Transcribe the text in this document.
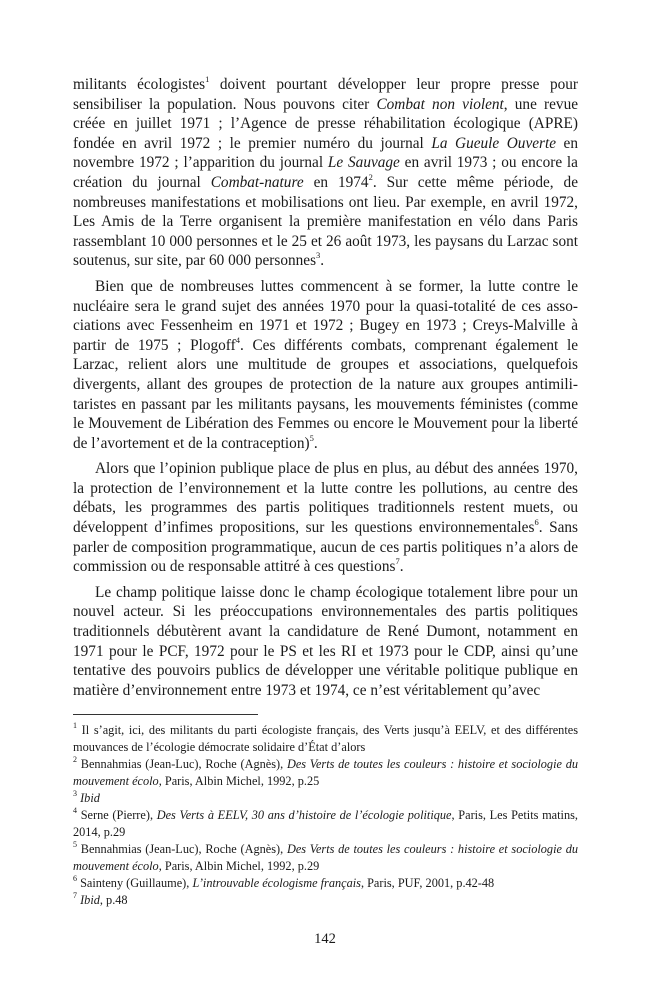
militants écologistes$^1$ doivent pourtant développer leur propre presse pour sensibiliser la population. Nous pouvons citer Combat non violent, une revue créée en juillet 1971 ; l’Agence de presse réhabilitation écologique (APRE) fondée en avril 1972 ; le premier numéro du journal La Gueule Ouverte en novembre 1972 ; l’apparition du journal Le Sauvage en avril 1973 ; ou encore la création du journal Combat-nature en 1974$^2$. Sur cette même période, de nombreuses manifestations et mobilisations ont lieu. Par exemple, en avril 1972, Les Amis de la Terre organisent la première manifestation en vélo dans Paris rassemblant 10 000 personnes et le 25 et 26 août 1973, les paysans du Larzac sont soutenus, sur site, par 60 000 personnes$^3$.

Bien que de nombreuses luttes commencent à se former, la lutte contre le nucléaire sera le grand sujet des années 1970 pour la quasi-totalité de ces associations avec Fessenheim en 1971 et 1972 ; Bugey en 1973 ; Creys-Malville à partir de 1975 ; Plogoff$^4$. Ces différents combats, comprenant également le Larzac, relient alors une multitude de groupes et associations, quelquefois divergents, allant des groupes de protection de la nature aux groupes antimilitaristes en passant par les militants paysans, les mouvements féministes (comme le Mouvement de Libération des Femmes ou encore le Mouvement pour la liberté de l’avortement et de la contraception)$^5$.

Alors que l’opinion publique place de plus en plus, au début des années 1970, la protection de l’environnement et la lutte contre les pollutions, au centre des débats, les programmes des partis politiques traditionnels restent muets, ou développent d’infimes propositions, sur les questions environnementales$^6$. Sans parler de composition programmatique, aucun de ces partis politiques n’a alors de commission ou de responsable attitré à ces questions$^7$.

Le champ politique laisse donc le champ écologique totalement libre pour un nouvel acteur. Si les préoccupations environnementales des partis politiques traditionnels débutèrent avant la candidature de René Dumont, notamment en 1971 pour le PCF, 1972 pour le PS et les RI et 1973 pour le CDP, ainsi qu’une tentative des pouvoirs publics de développer une véritable politique publique en matière d’environnement entre 1973 et 1974, ce n’est véritablement qu’avec

$^1$ Il s’agit, ici, des militants du parti écologiste français, des Verts jusqu’à EELV, et des différentes mouvances de l’écologie démocrate solidaire d’État d’alors

$^2$ Bennahmias (Jean-Luc), Roche (Agnès), Des Verts de toutes les couleurs : histoire et sociologie du mouvement écolo, Paris, Albin Michel, 1992, p.25

$^3$ Ibid

$^4$ Serne (Pierre), Des Verts à EELV, 30 ans d’histoire de l’écologie politique, Paris, Les Petits matins, 2014, p.29

$^5$ Bennahmias (Jean-Luc), Roche (Agnès), Des Verts de toutes les couleurs : histoire et sociologie du mouvement écolo, Paris, Albin Michel, 1992, p.29

$^6$ Sainteny (Guillaume), L’introuvable écologisme français, Paris, PUF, 2001, p.42-48

$^7$ Ibid, p.48

142
